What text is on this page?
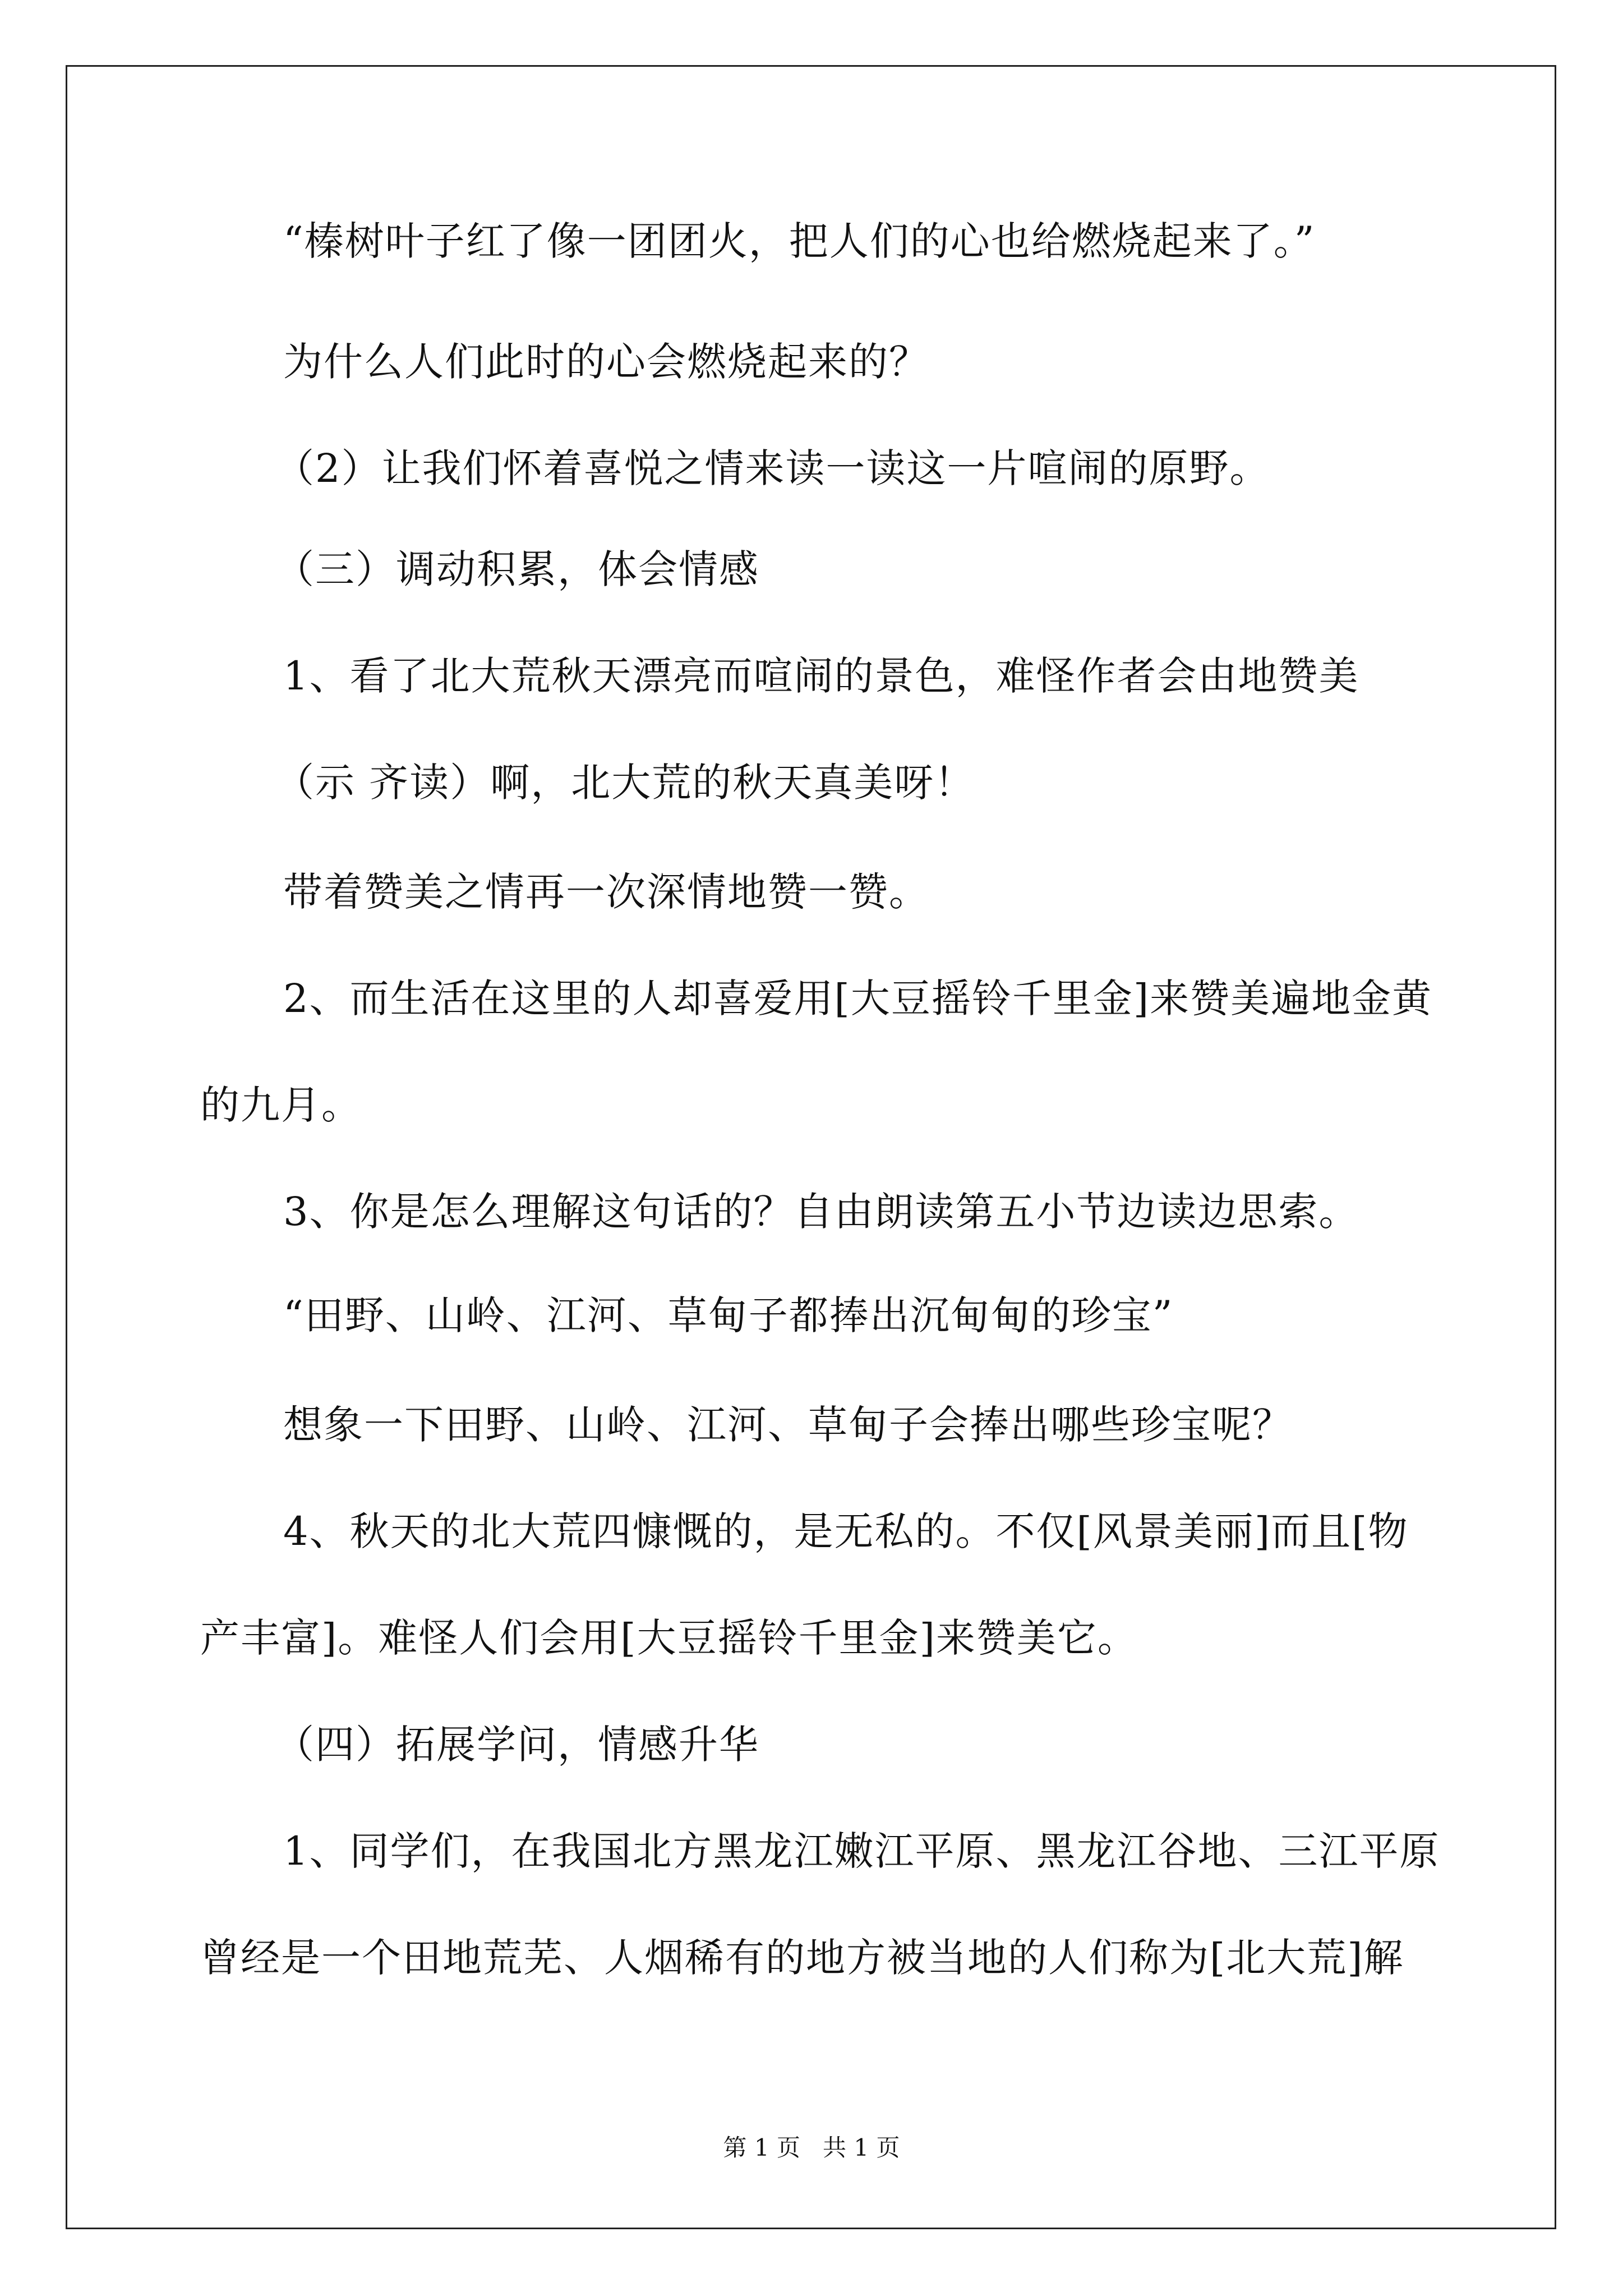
“榛树叶子红了像一团团火，把人们的心也给燃烧起来了。”
为什么人们此时的心会燃烧起来的？
（2）让我们怀着喜悦之情来读一读这一片喧闹的原野。
（三）调动积累，体会情感
1、看了北大荒秋天漂亮而喧闹的景色，难怪作者会由地赞美
（示 齐读）啊，北大荒的秋天真美呀！
带着赞美之情再一次深情地赞一赞。
2、而生活在这里的人却喜爱用[大豆摇铃千里金]来赞美遍地金黄
的九月。
3、你是怎么理解这句话的？自由朗读第五小节边读边思索。
“田野、山岭、江河、草甸子都捧出沉甸甸的珍宝”
想象一下田野、山岭、江河、草甸子会捧出哪些珍宝呢？
4、秋天的北大荒四慷慨的，是无私的。不仅[风景美丽]而且[物
产丰富]。难怪人们会用[大豆摇铃千里金]来赞美它。
（四）拓展学问，情感升华
1、同学们，在我国北方黑龙江嫩江平原、黑龙江谷地、三江平原
曾经是一个田地荒芜、人烟稀有的地方被当地的人们称为[北大荒]解
第 1 页   共 1 页
